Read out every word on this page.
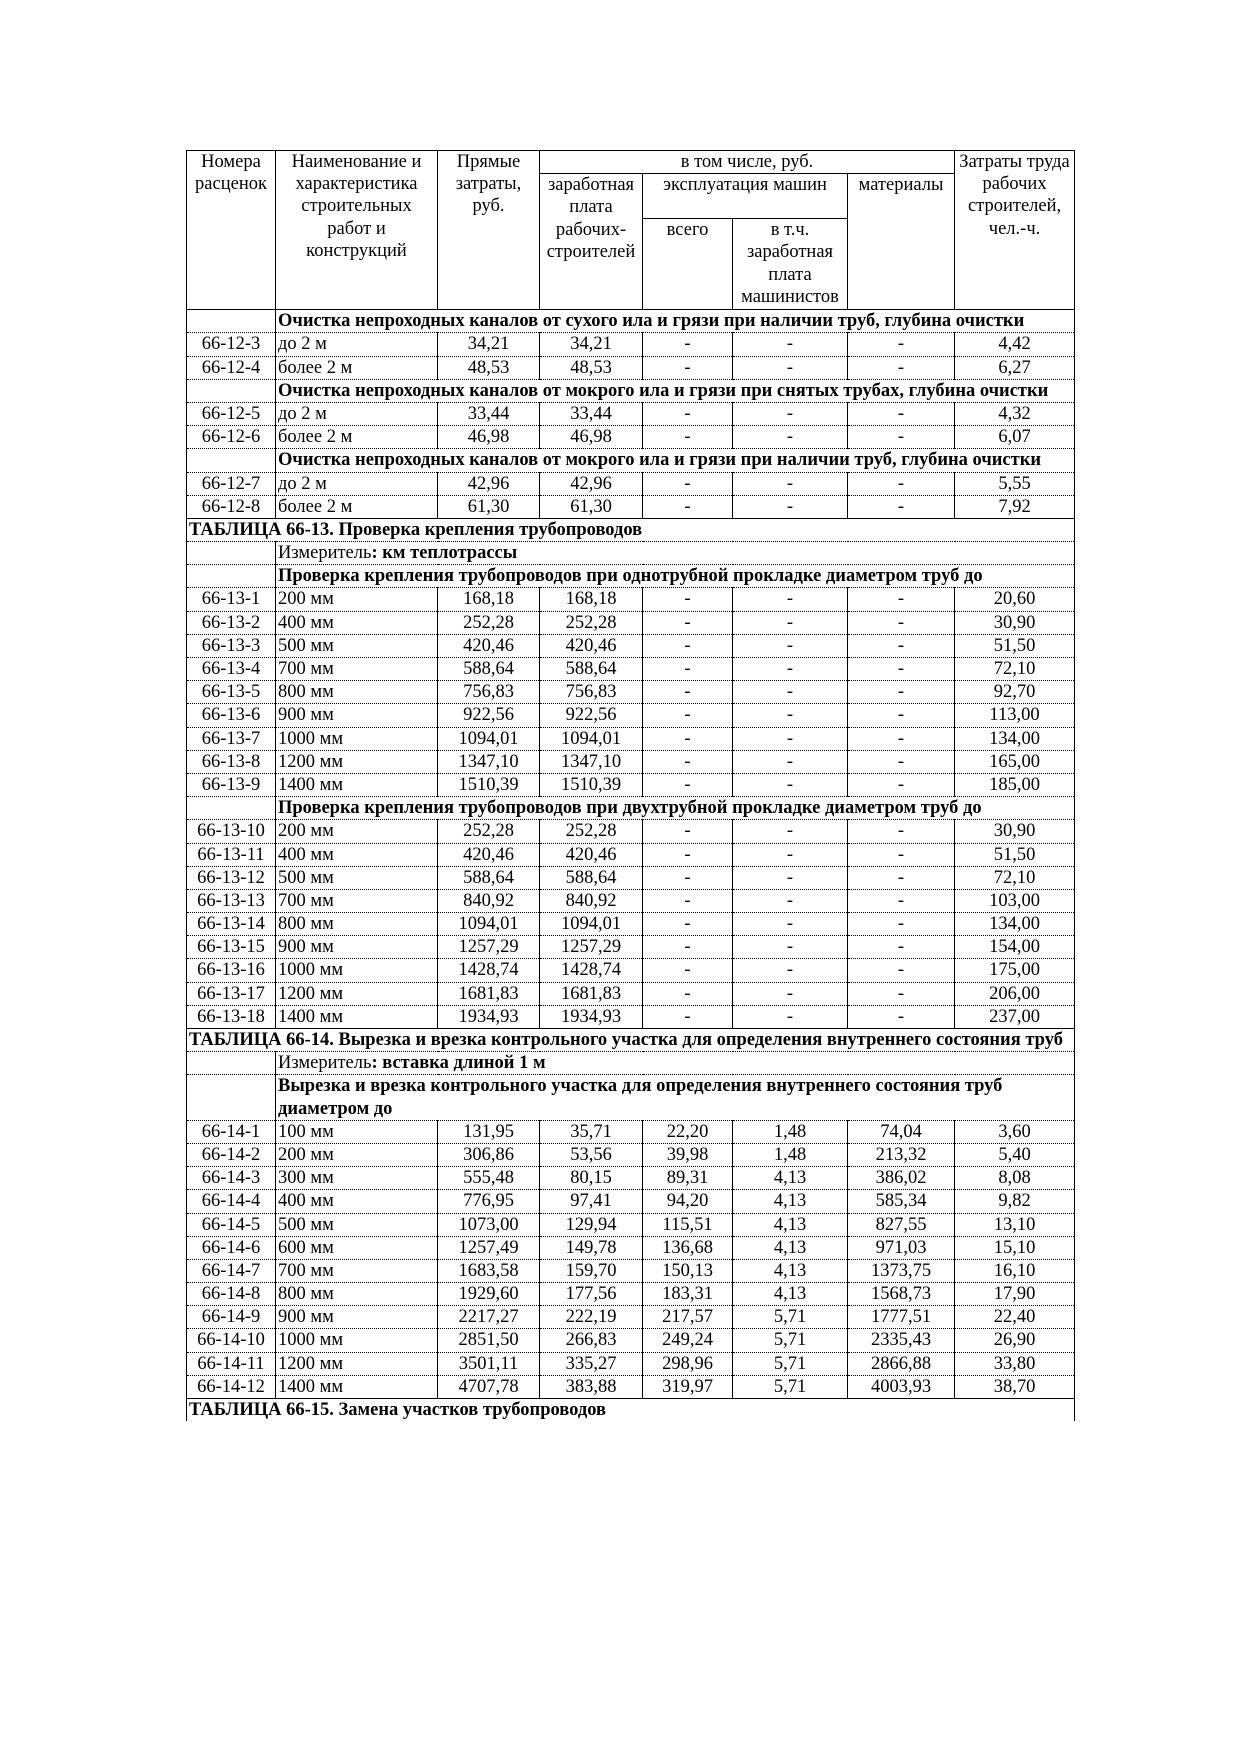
Номера расценок	Наименование и характеристика строительных работ и конструкций	Прямые затраты, руб.	в том числе, руб.				Затраты труда рабочих строителей, чел.-ч.
			заработная плата рабочих-строителей	эксплуатация машин		материалы	
				всего	в т.ч. заработная плата машинистов		
	Очистка непроходных каналов от сухого ила и грязи при наличии труб, глубина очистки						
66-12-3	до 2 м	34,21	34,21	-	-	-	4,42
66-12-4	более 2 м	48,53	48,53	-	-	-	6,27
	Очистка непроходных каналов от мокрого ила и грязи при снятых трубах, глубина очистки						
66-12-5	до 2 м	33,44	33,44	-	-	-	4,32
66-12-6	более 2 м	46,98	46,98	-	-	-	6,07
	Очистка непроходных каналов от мокрого ила и грязи при наличии труб, глубина очистки						
66-12-7	до 2 м	42,96	42,96	-	-	-	5,55
66-12-8	более 2 м	61,30	61,30	-	-	-	7,92
ТАБЛИЦА 66-13. Проверка крепления трубопроводов							
	Измеритель: км теплотрассы						
	Проверка крепления трубопроводов при однотрубной прокладке диаметром труб до						
66-13-1	200 мм	168,18	168,18	-	-	-	20,60
66-13-2	400 мм	252,28	252,28	-	-	-	30,90
66-13-3	500 мм	420,46	420,46	-	-	-	51,50
66-13-4	700 мм	588,64	588,64	-	-	-	72,10
66-13-5	800 мм	756,83	756,83	-	-	-	92,70
66-13-6	900 мм	922,56	922,56	-	-	-	113,00
66-13-7	1000 мм	1094,01	1094,01	-	-	-	134,00
66-13-8	1200 мм	1347,10	1347,10	-	-	-	165,00
66-13-9	1400 мм	1510,39	1510,39	-	-	-	185,00
	Проверка крепления трубопроводов при двухтрубной прокладке диаметром труб до						
66-13-10	200 мм	252,28	252,28	-	-	-	30,90
66-13-11	400 мм	420,46	420,46	-	-	-	51,50
66-13-12	500 мм	588,64	588,64	-	-	-	72,10
66-13-13	700 мм	840,92	840,92	-	-	-	103,00
66-13-14	800 мм	1094,01	1094,01	-	-	-	134,00
66-13-15	900 мм	1257,29	1257,29	-	-	-	154,00
66-13-16	1000 мм	1428,74	1428,74	-	-	-	175,00
66-13-17	1200 мм	1681,83	1681,83	-	-	-	206,00
66-13-18	1400 мм	1934,93	1934,93	-	-	-	237,00
ТАБЛИЦА 66-14. Вырезка и врезка контрольного участка для определения внутреннего состояния труб							
	Измеритель: вставка длиной 1 м						
	Вырезка и врезка контрольного участка для определения внутреннего состояния труб диаметром до						
66-14-1	100 мм	131,95	35,71	22,20	1,48	74,04	3,60
66-14-2	200 мм	306,86	53,56	39,98	1,48	213,32	5,40
66-14-3	300 мм	555,48	80,15	89,31	4,13	386,02	8,08
66-14-4	400 мм	776,95	97,41	94,20	4,13	585,34	9,82
66-14-5	500 мм	1073,00	129,94	115,51	4,13	827,55	13,10
66-14-6	600 мм	1257,49	149,78	136,68	4,13	971,03	15,10
66-14-7	700 мм	1683,58	159,70	150,13	4,13	1373,75	16,10
66-14-8	800 мм	1929,60	177,56	183,31	4,13	1568,73	17,90
66-14-9	900 мм	2217,27	222,19	217,57	5,71	1777,51	22,40
66-14-10	1000 мм	2851,50	266,83	249,24	5,71	2335,43	26,90
66-14-11	1200 мм	3501,11	335,27	298,96	5,71	2866,88	33,80
66-14-12	1400 мм	4707,78	383,88	319,97	5,71	4003,93	38,70
ТАБЛИЦА 66-15. Замена участков трубопроводов							
